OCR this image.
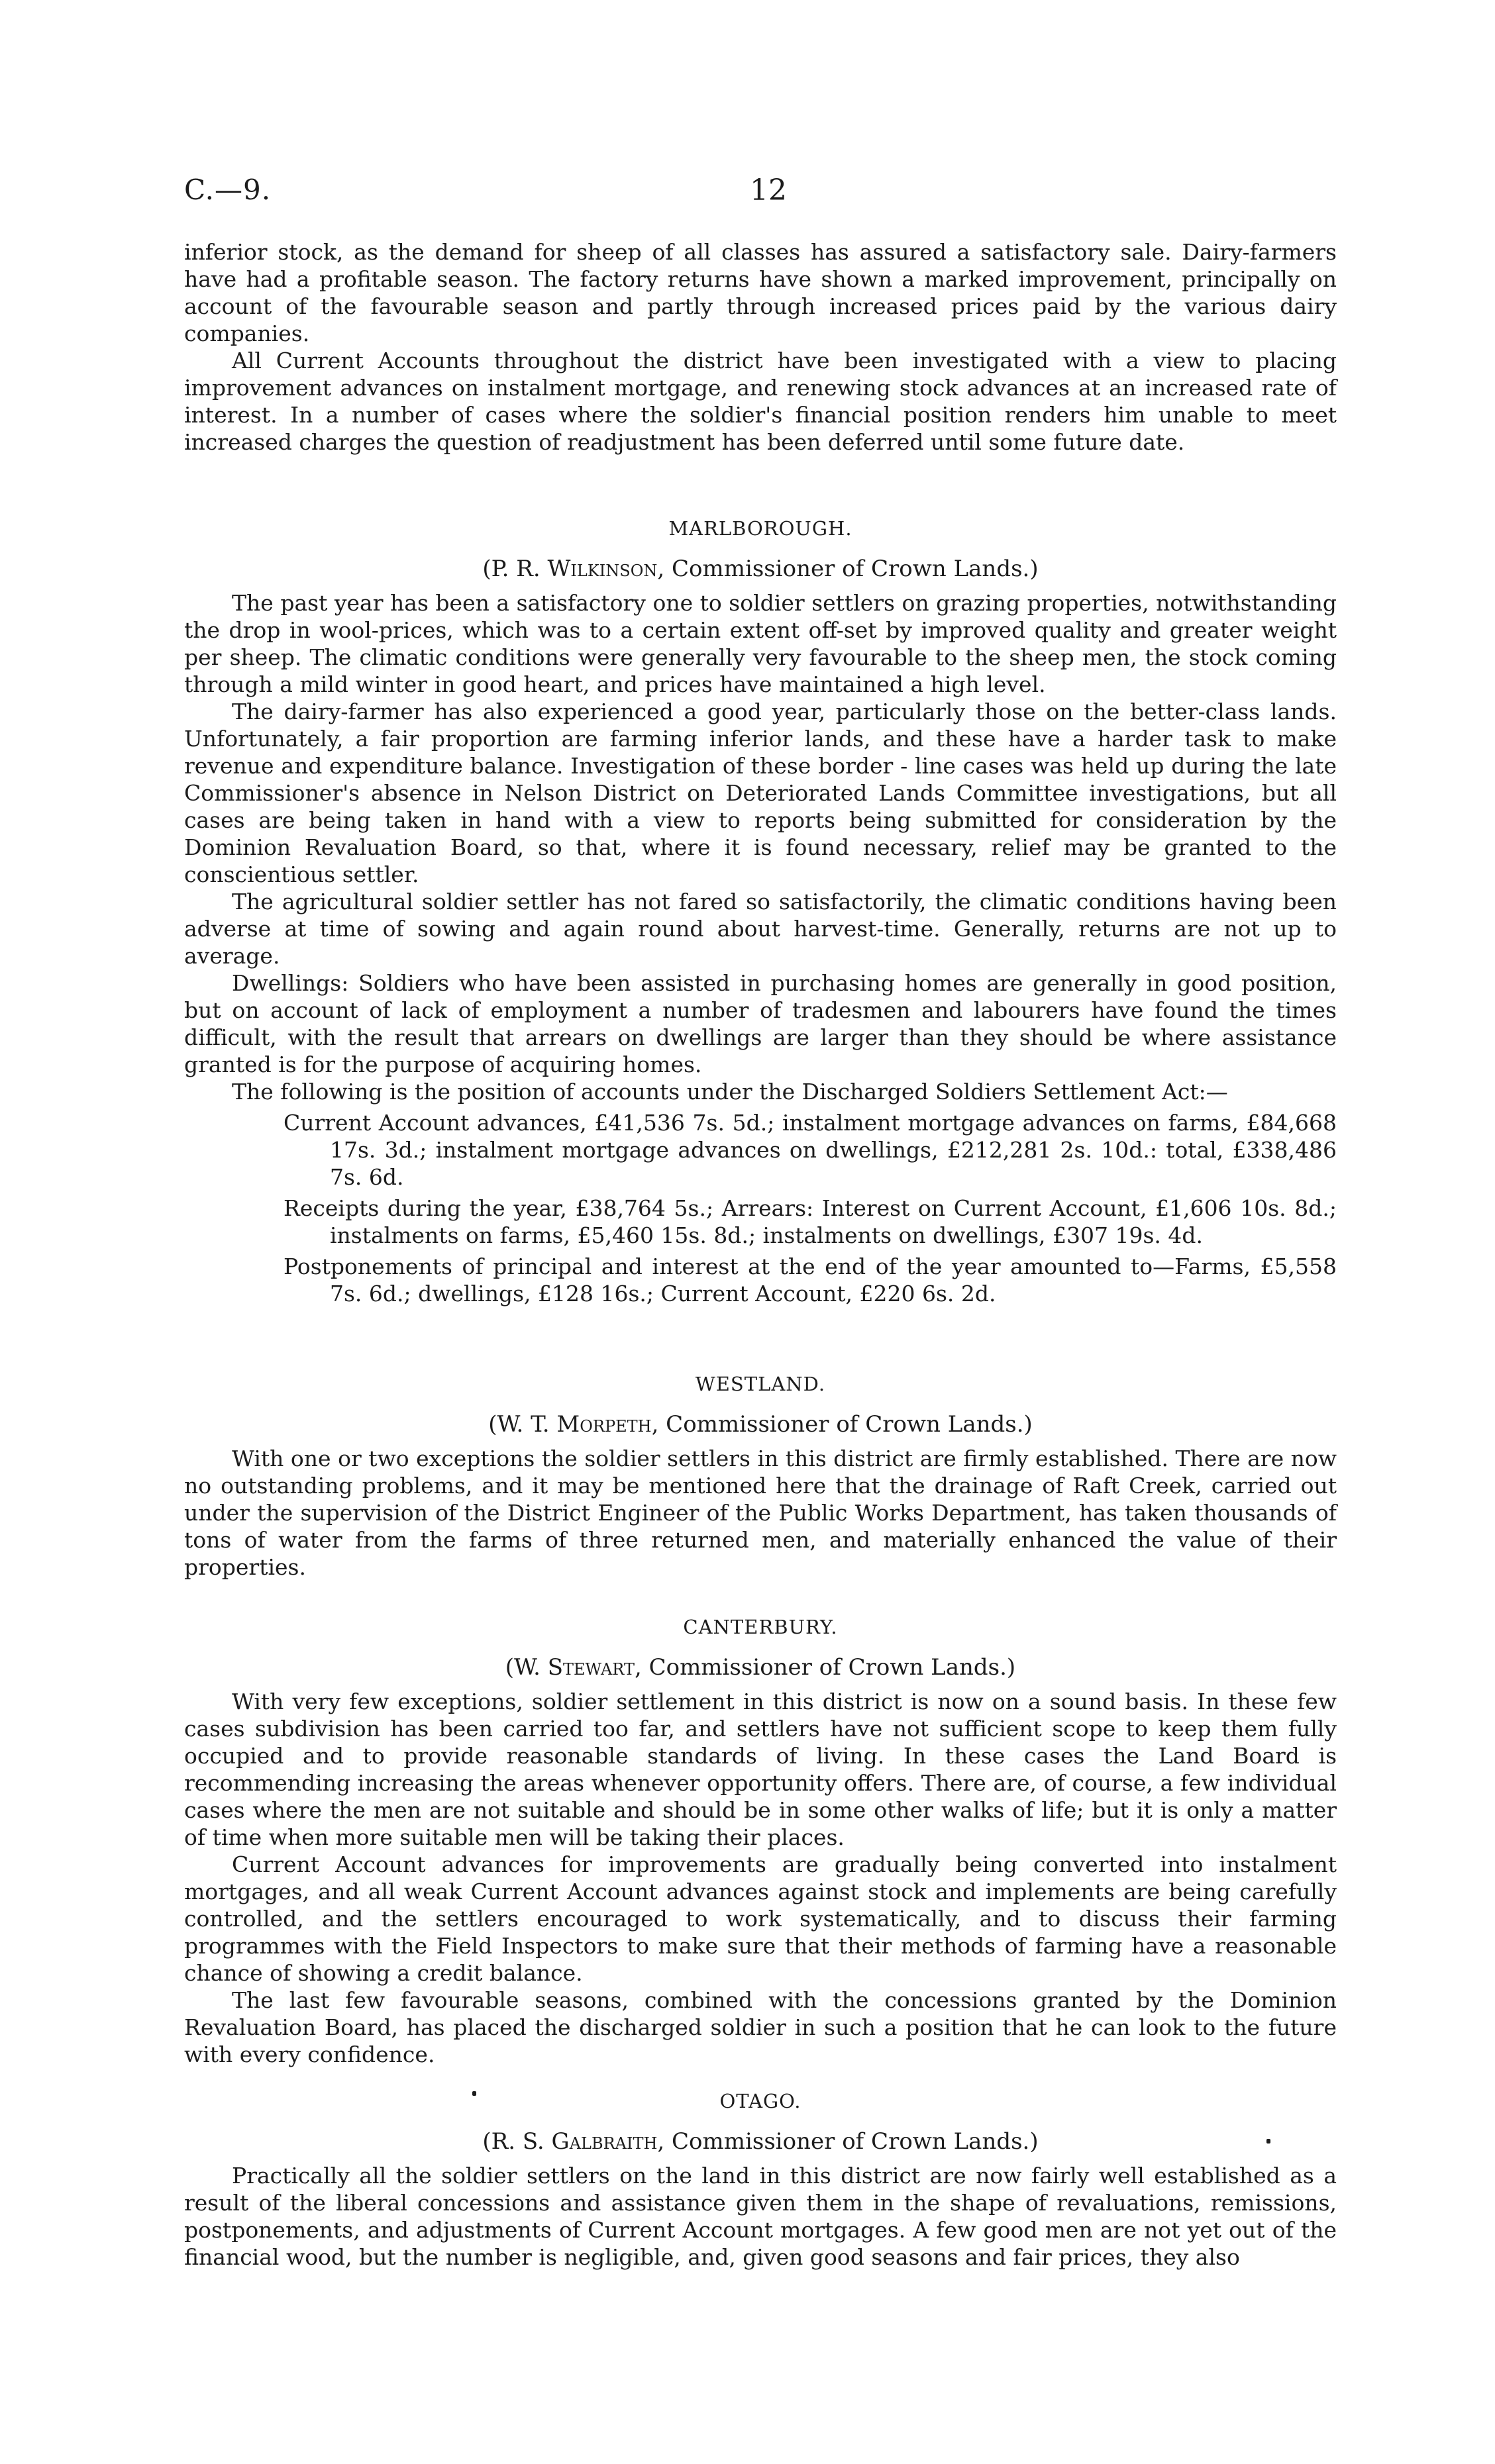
C.—9.	12

inferior stock, as the demand for sheep of all classes has assured a satisfactory sale. Dairy-farmers have had a profitable season. The factory returns have shown a marked improvement, principally on account of the favourable season and partly through increased prices paid by the various dairy companies.

All Current Accounts throughout the district have been investigated with a view to placing improvement advances on instalment mortgage, and renewing stock advances at an increased rate of interest. In a number of cases where the soldier's financial position renders him unable to meet increased charges the question of readjustment has been deferred until some future date.

MARLBOROUGH.
(P. R. Wilkinson, Commissioner of Crown Lands.)

The past year has been a satisfactory one to soldier settlers on grazing properties, notwithstanding the drop in wool-prices, which was to a certain extent off-set by improved quality and greater weight per sheep. The climatic conditions were generally very favourable to the sheep men, the stock coming through a mild winter in good heart, and prices have maintained a high level.

The dairy-farmer has also experienced a good year, particularly those on the better-class lands. Unfortunately, a fair proportion are farming inferior lands, and these have a harder task to make revenue and expenditure balance. Investigation of these border - line cases was held up during the late Commissioner's absence in Nelson District on Deteriorated Lands Committee investigations, but all cases are being taken in hand with a view to reports being submitted for consideration by the Dominion Revaluation Board, so that, where it is found necessary, relief may be granted to the conscientious settler.

The agricultural soldier settler has not fared so satisfactorily, the climatic conditions having been adverse at time of sowing and again round about harvest-time. Generally, returns are not up to average.

Dwellings: Soldiers who have been assisted in purchasing homes are generally in good position, but on account of lack of employment a number of tradesmen and labourers have found the times difficult, with the result that arrears on dwellings are larger than they should be where assistance granted is for the purpose of acquiring homes.

The following is the position of accounts under the Discharged Soldiers Settlement Act:—

Current Account advances, £41,536 7s. 5d.; instalment mortgage advances on farms, £84,668 17s. 3d.; instalment mortgage advances on dwellings, £212,281 2s. 10d.: total, £338,486 7s. 6d.

Receipts during the year, £38,764 5s.; Arrears: Interest on Current Account, £1,606 10s. 8d.; instalments on farms, £5,460 15s. 8d.; instalments on dwellings, £307 19s. 4d.

Postponements of principal and interest at the end of the year amounted to—Farms, £5,558 7s. 6d.; dwellings, £128 16s.; Current Account, £220 6s. 2d.

WESTLAND.
(W. T. Morpeth, Commissioner of Crown Lands.)

With one or two exceptions the soldier settlers in this district are firmly established. There are now no outstanding problems, and it may be mentioned here that the drainage of Raft Creek, carried out under the supervision of the District Engineer of the Public Works Department, has taken thousands of tons of water from the farms of three returned men, and materially enhanced the value of their properties.

CANTERBURY.
(W. Stewart, Commissioner of Crown Lands.)

With very few exceptions, soldier settlement in this district is now on a sound basis. In these few cases subdivision has been carried too far, and settlers have not sufficient scope to keep them fully occupied and to provide reasonable standards of living. In these cases the Land Board is recommending increasing the areas whenever opportunity offers. There are, of course, a few individual cases where the men are not suitable and should be in some other walks of life; but it is only a matter of time when more suitable men will be taking their places.

Current Account advances for improvements are gradually being converted into instalment mortgages, and all weak Current Account advances against stock and implements are being carefully controlled, and the settlers encouraged to work systematically, and to discuss their farming programmes with the Field Inspectors to make sure that their methods of farming have a reasonable chance of showing a credit balance.

The last few favourable seasons, combined with the concessions granted by the Dominion Revaluation Board, has placed the discharged soldier in such a position that he can look to the future with every confidence.

OTAGO.
(R. S. Galbraith, Commissioner of Crown Lands.)

Practically all the soldier settlers on the land in this district are now fairly well established as a result of the liberal concessions and assistance given them in the shape of revaluations, remissions, postponements, and adjustments of Current Account mortgages. A few good men are not yet out of the financial wood, but the number is negligible, and, given good seasons and fair prices, they also
